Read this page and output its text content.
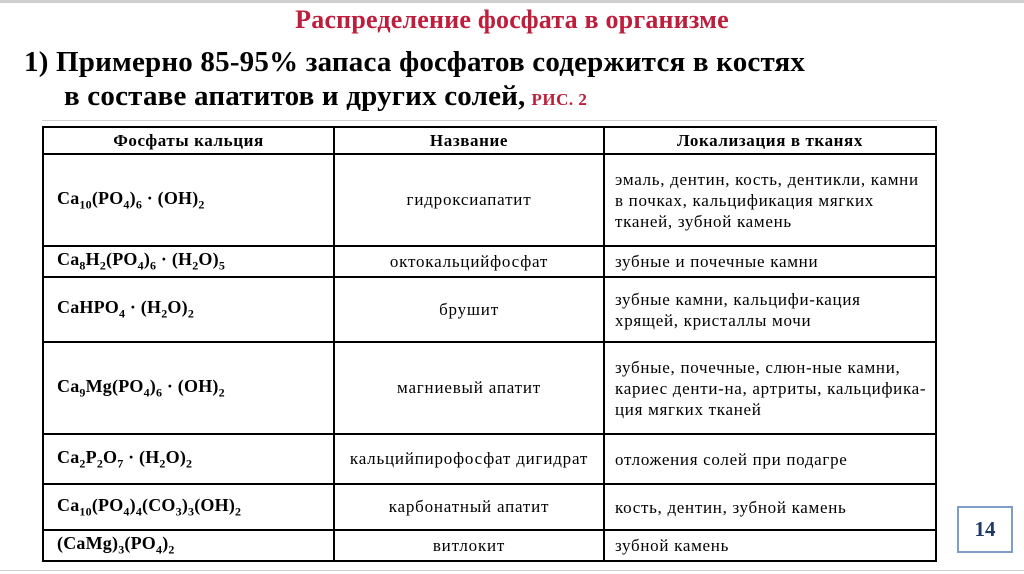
Распределение фосфата в организме
1) Примерно 85-95% запаса фосфатов содержится в костях
в составе апатитов и других солей, РИС. 2
Фосфаты кальция	Название	Локализация в тканях
$Ca_{10}(PO_4)_6 \cdot (OH)_2$	гидроксиапатит	эмаль, дентин, кость, дентикли, камни в почках, кальцификация мягких тканей, зубной камень
$Ca_8H_2(PO_4)_6 \cdot (H_2O)_5$	октокальцийфосфат	зубные и почечные камни
CaHPO$_4$ · $(H_2O)_2$	брушит	зубные камни, кальцифи-кация хрящей, кристаллы мочи
$Ca_9Mg(PO_4)_6 \cdot (OH)_2$	магниевый апатит	зубные, почечные, слюн-ные камни, кариес денти-на, артриты, кальцифика-ция мягких тканей
$Ca_2P_2O_7 \cdot (H_2O)_2$	кальцийпирофосфат дигидрат	отложения солей при подагре
$Ca_{10}(PO_4)_4(CO_3)_3(OH)_2$	карбонатный апатит	кость, дентин, зубной камень
$(CaMg)_3(PO_4)_2$	витлокит	зубной камень
14
